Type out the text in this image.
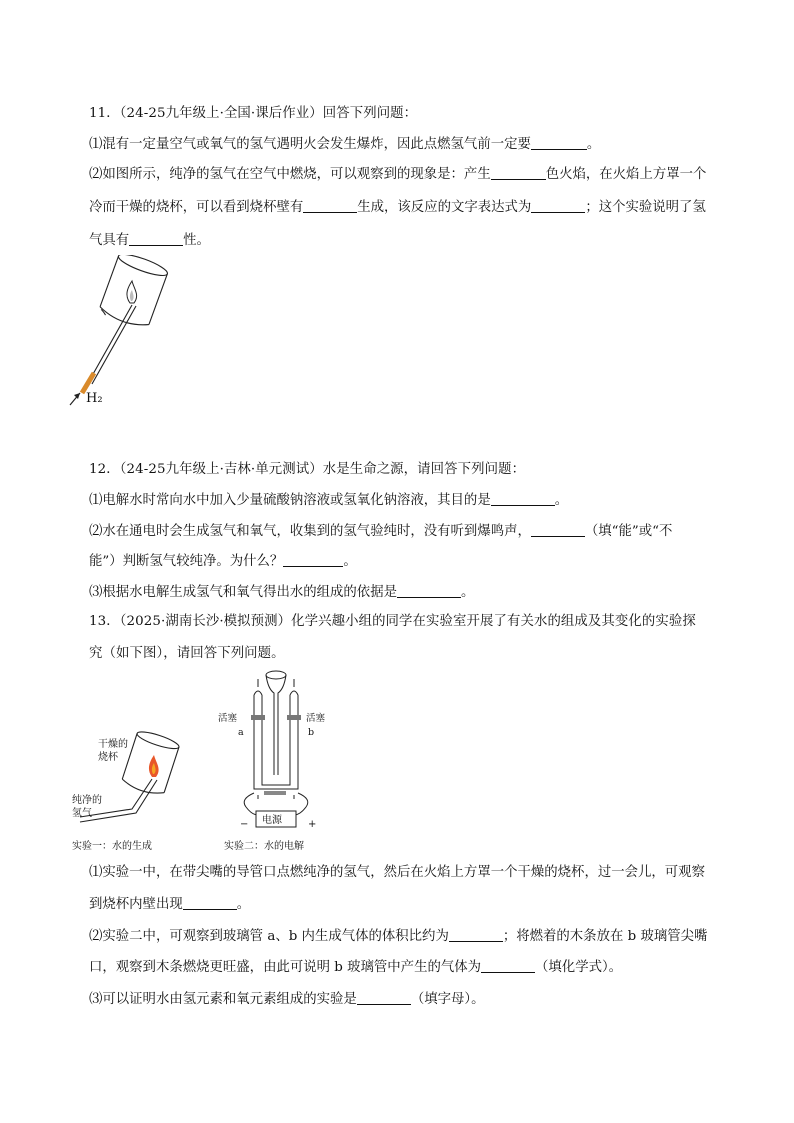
11．（24-25九年级上·全国·课后作业）回答下列问题：
⑴混有一定量空气或氧气的氢气遇明火会发生爆炸，因此点燃氢气前一定要	。
⑵如图所示，纯净的氢气在空气中燃烧，可以观察到的现象是：产生	色火焰，在火焰上方罩一个
冷而干燥的烧杯，可以看到烧杯壁有	生成，该反应的文字表达式为	；这个实验说明了氢
气具有	性。
H₂
12．（24-25九年级上·吉林·单元测试）水是生命之源，请回答下列问题：
⑴电解水时常向水中加入少量硫酸钠溶液或氢氧化钠溶液，其目的是	。
⑵水在通电时会生成氢气和氧气，收集到的氢气验纯时，没有听到爆鸣声，	（填“能”或“不
能”）判断氢气较纯净。为什么？	。
⑶根据水电解生成氢气和氧气得出水的组成的依据是	。
13．（2025·湖南长沙·模拟预测）化学兴趣小组的同学在实验室开展了有关水的组成及其变化的实验探
究（如下图），请回答下列问题。
干燥的
烧杯
纯净的
氢气
实验一：水的生成
电源
−	+
活塞	活塞
a	b
实验二：水的电解
⑴实验一中，在带尖嘴的导管口点燃纯净的氢气，然后在火焰上方罩一个干燥的烧杯，过一会儿，可观察
到烧杯内壁出现	。
⑵实验二中，可观察到玻璃管 a、b 内生成气体的体积比约为	；将燃着的木条放在 b 玻璃管尖嘴
口，观察到木条燃烧更旺盛，由此可说明 b 玻璃管中产生的气体为	（填化学式）。
⑶可以证明水由氢元素和氧元素组成的实验是	（填字母）。
